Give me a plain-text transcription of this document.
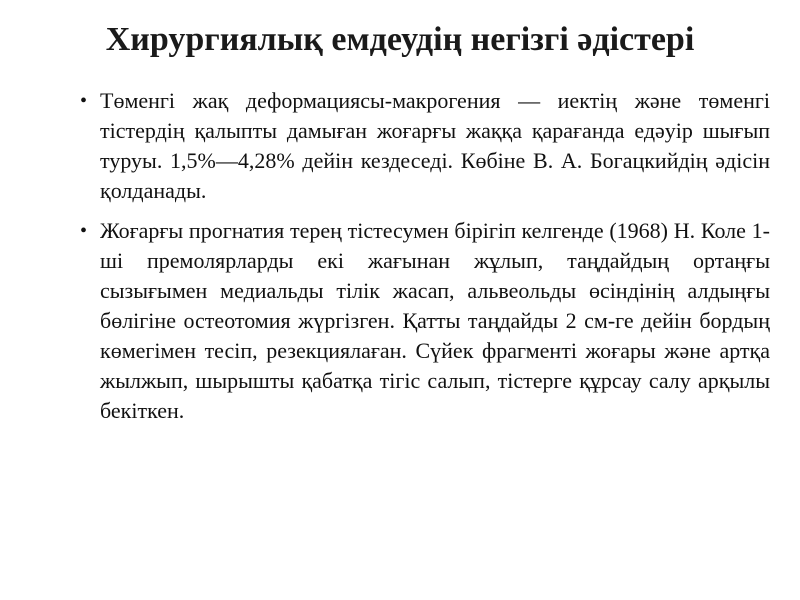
Хирургиялық емдеудің негізгі әдістері
• Төменгі жақ деформациясы-макрогения — иектің және төменгі тістердің қалыпты дамыған жоғарғы жаққа қарағанда едәуір шығып туруы. 1,5%—4,28% дейін кездеседі. Көбіне В. А. Богацкийдің әдісін қолданады.
• Жоғарғы прогнатия терең тістесумен бірігіп келгенде (1968) Н. Коле 1-ші премолярларды екі жағынан жұлып, таңдайдың ортаңғы сызығымен медиальды тілік жасап, альвеольды өсіндінің алдыңғы бөлігіне остеотомия жүргізген. Қатты таңдайды 2 см-ге дейін бордың көмегімен тесіп, резекциялаған. Сүйек фрагменті жоғары және артқа жылжып, шырышты қабатқа тігіс салып, тістерге құрсау салу арқылы бекіткен.
